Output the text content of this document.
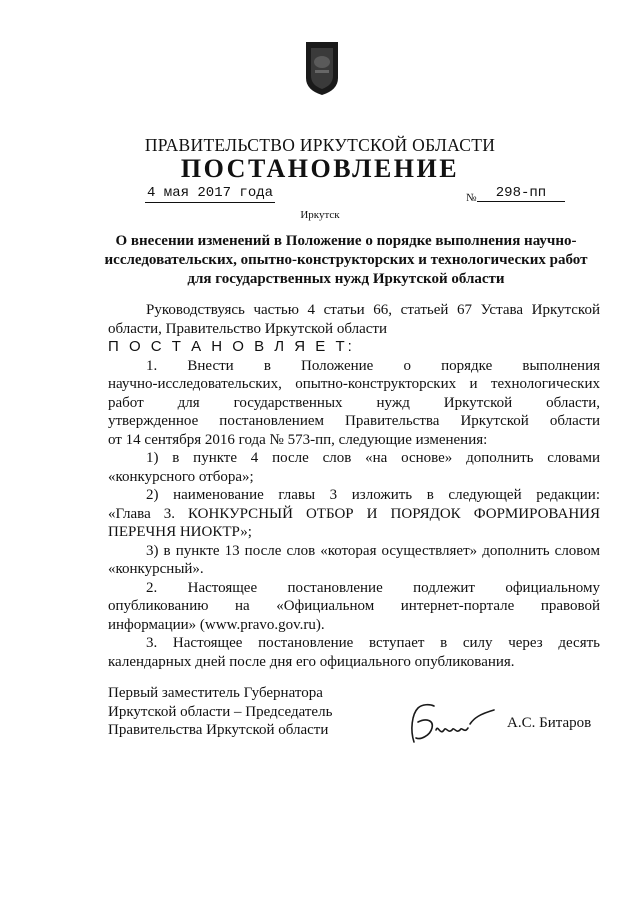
ПРАВИТЕЛЬСТВО ИРКУТСКОЙ ОБЛАСТИ
ПОСТАНОВЛЕНИЕ
4 мая 2017 года	№	298-пп
Иркутск
О внесении изменений в Положение о порядке выполнения научно-
исследовательских, опытно-конструкторских и технологических работ
для государственных нужд Иркутской области

Руководствуясь частью 4 статьи 66, статьей 67 Устава Иркутской

области, Правительство Иркутской области

П О С Т А Н О В Л Я Е Т:

1. Внести в Положение о порядке выполнения

научно-исследовательских, опытно-конструкторских и технологических

работ для государственных нужд Иркутской области,

утвержденное постановлением Правительства Иркутской области

от 14 сентября 2016 года № 573-пп, следующие изменения:

1) в пункте 4 после слов «на основе» дополнить словами

«конкурсного отбора»;

2) наименование главы 3 изложить в следующей редакции:

«Глава 3. КОНКУРСНЫЙ ОТБОР И ПОРЯДОК ФОРМИРОВАНИЯ

ПЕРЕЧНЯ НИОКТР»;

3) в пункте 13 после слов «которая осуществляет» дополнить словом

«конкурсный».

2. Настоящее постановление подлежит официальному

опубликованию на «Официальном интернет-портале правовой

информации» (www.pravo.gov.ru).

3. Настоящее постановление вступает в силу через десять

календарных дней после дня его официального опубликования.

Первый заместитель Губернатора
Иркутской области – Председатель
Правительства Иркутской области	А.С. Битаров
